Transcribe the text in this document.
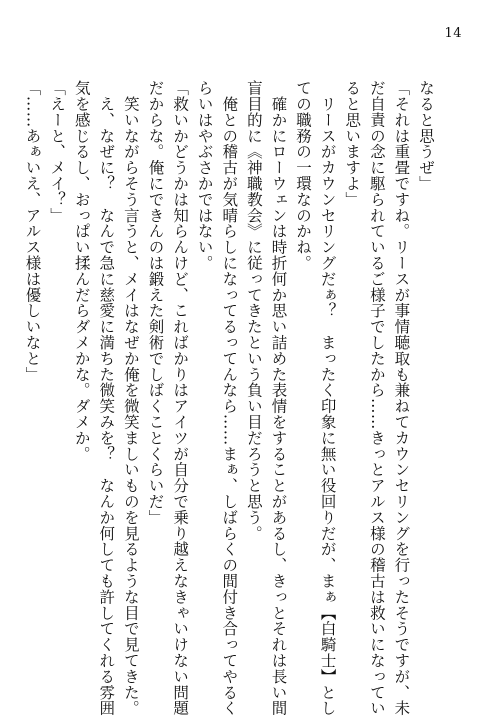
14
なると思うぜ」
「それは重畳ですね。リースが事情聴取も兼ねてカウンセリングを行ったそうですが、未
だ自責の念に駆られているご様子でしたから……きっとアルス様の稽古は救いになってい
ると思いますよ」
　リースがカウンセリングだぁ？　まったく印象に無い役回りだが、まぁ【白騎士】とし
ての職務の一環なのかね。
　確かにローウェンは時折何か思い詰めた表情をすることがあるし、きっとそれは長い間
盲目的に《神職教会》に従ってきたという負い目だろうと思う。
　俺との稽古が気晴らしになってるってんなら……まぁ、しばらくの間付き合ってやるく
らいはやぶさかではない。
「救いかどうかは知らんけど、こればかりはアイツが自分で乗り越えなきゃいけない問題
だからな。俺にできんのは鍛えた剣術でしばくことくらいだ」
　笑いながらそう言うと、メイはなぜか俺を微笑ましいものを見るような目で見てきた。
　え、なぜに？　なんで急に慈愛に満ちた微笑みを？　なんか何しても許してくれる雰囲
気を感じるし、おっぱい揉んだらダメかな。ダメか。
「えーと、メイ？」
「……あぁいえ、アルス様は優しいなと」
